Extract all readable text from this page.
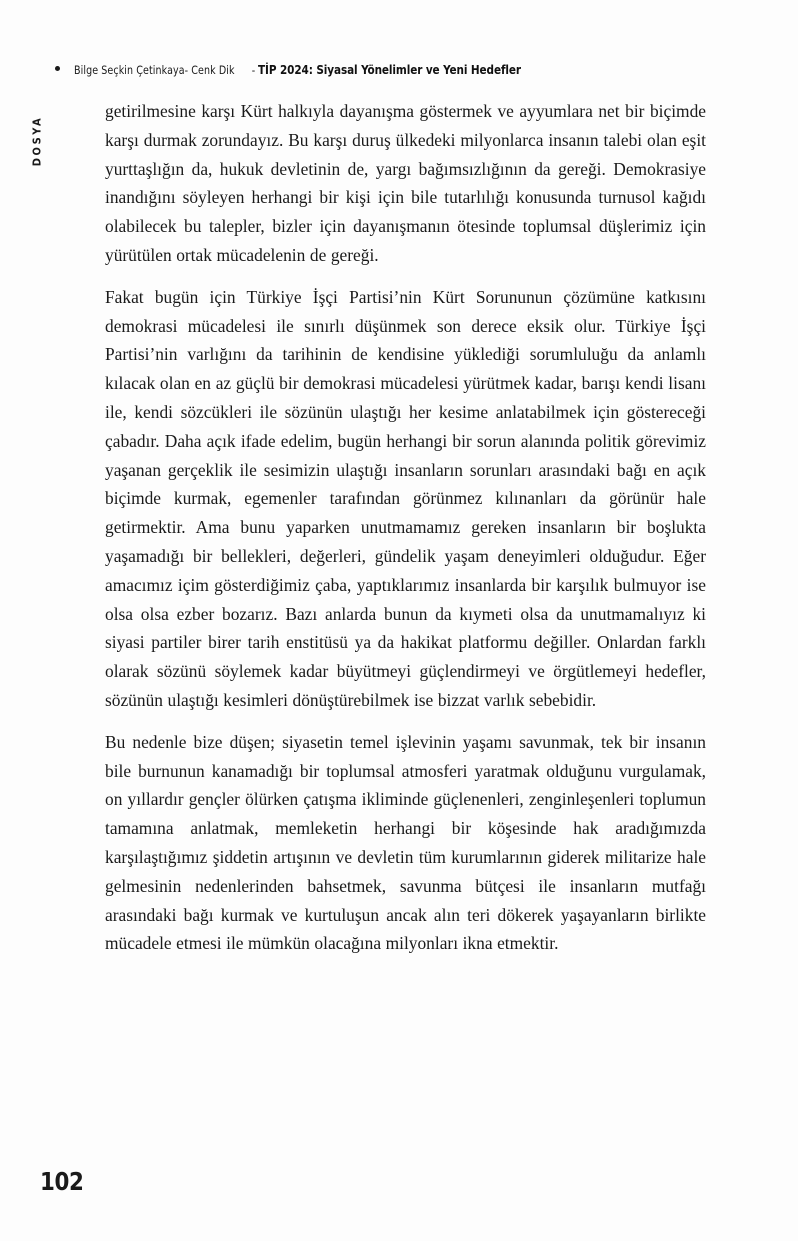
Bilge Seçkin Çetinkaya- Cenk Dik - TİP 2024: Siyasal Yönelimler ve Yeni Hedefler
DOSYA

getirilmesine karşı Kürt halkıyla dayanışma göstermek ve ayyumlara net bir biçimde karşı durmak zorundayız. Bu karşı duruş ülkedeki milyonlarca insanın talebi olan eşit yurttaşlığın da, hukuk devletinin de, yargı bağımsızlığının da gereği. Demokrasiye inandığını söyleyen herhangi bir kişi için bile tutarlılığı konusunda turnusol kağıdı olabilecek bu talepler, bizler için dayanışmanın ötesinde toplumsal düşlerimiz için yürütülen ortak mücadelenin de gereği.

Fakat bugün için Türkiye İşçi Partisi’nin Kürt Sorununun çözümüne katkısını demokrasi mücadelesi ile sınırlı düşünmek son derece eksik olur. Türkiye İşçi Partisi’nin varlığını da tarihinin de kendisine yüklediği sorumluluğu da anlamlı kılacak olan en az güçlü bir demokrasi mücadelesi yürütmek kadar, barışı kendi lisanı ile, kendi sözcükleri ile sözünün ulaştığı her kesime anlatabilmek için göstereceği çabadır. Daha açık ifade edelim, bugün herhangi bir sorun alanında politik görevimiz yaşanan gerçeklik ile sesimizin ulaştığı insanların sorunları arasındaki bağı en açık biçimde kurmak, egemenler tarafından görünmez kılınanları da görünür hale getirmektir. Ama bunu yaparken unutmamamız gereken insanların bir boşlukta yaşamadığı bir bellekleri, değerleri, gündelik yaşam deneyimleri olduğudur. Eğer amacımız içim gösterdiğimiz çaba, yaptıklarımız insanlarda bir karşılık bulmuyor ise olsa olsa ezber bozarız. Bazı anlarda bunun da kıymeti olsa da unutmamalıyız ki siyasi partiler birer tarih enstitüsü ya da hakikat platformu değiller. Onlardan farklı olarak sözünü söylemek kadar büyütmeyi güçlendirmeyi ve örgütlemeyi hedefler, sözünün ulaştığı kesimleri dönüştürebilmek ise bizzat varlık sebebidir.

Bu nedenle bize düşen; siyasetin temel işlevinin yaşamı savunmak, tek bir insanın bile burnunun kanamadığı bir toplumsal atmosferi yaratmak olduğunu vurgulamak, on yıllardır gençler ölürken çatışma ikliminde güçlenenleri, zenginleşenleri toplumun tamamına anlatmak, memleketin herhangi bir köşesinde hak aradığımızda karşılaştığımız şiddetin artışının ve devletin tüm kurumlarının giderek militarize hale gelmesinin nedenlerinden bahsetmek, savunma bütçesi ile insanların mutfağı arasındaki bağı kurmak ve kurtuluşun ancak alın teri dökerek yaşayanların birlikte mücadele etmesi ile mümkün olacağına milyonları ikna etmektir.

102
